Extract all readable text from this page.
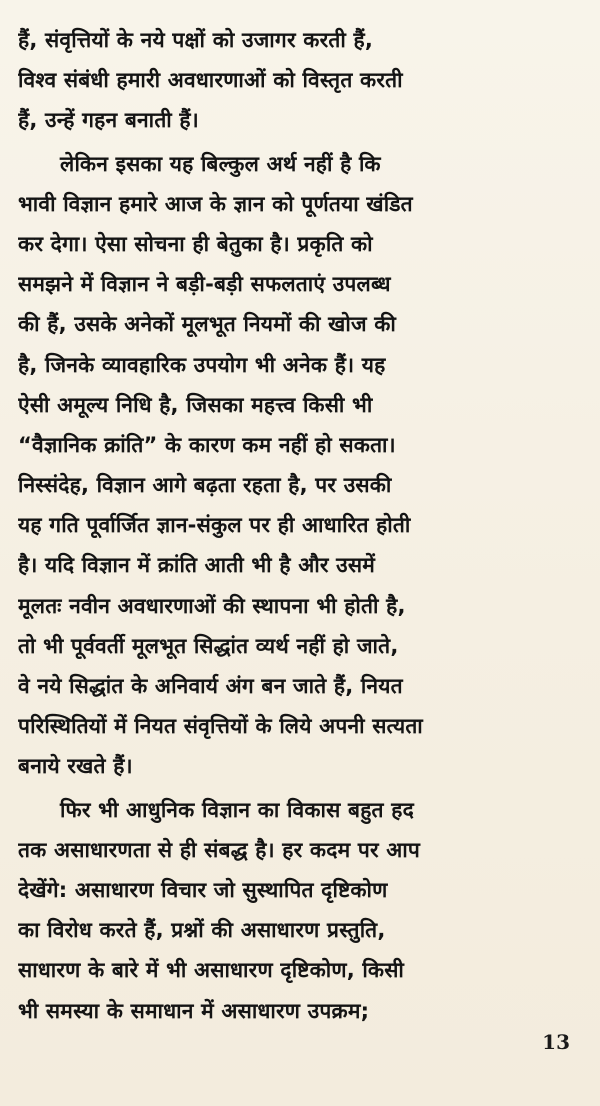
हैं, संवृत्तियों के नये पक्षों को उजागर करती हैं,
विश्व संबंधी हमारी अवधारणाओं को विस्तृत करती
हैं, उन्हें गहन बनाती हैं।
लेकिन इसका यह बिल्कुल अर्थ नहीं है कि
भावी विज्ञान हमारे आज के ज्ञान को पूर्णतया खंडित
कर देगा। ऐसा सोचना ही बेतुका है। प्रकृति को
समझने में विज्ञान ने बड़ी-बड़ी सफलताएं उपलब्ध
की हैं, उसके अनेकों मूलभूत नियमों की खोज की
है, जिनके व्यावहारिक उपयोग भी अनेक हैं। यह
ऐसी अमूल्य निधि है, जिसका महत्त्व किसी भी
“वैज्ञानिक क्रांति” के कारण कम नहीं हो सकता।
निस्संदेह, विज्ञान आगे बढ़ता रहता है, पर उसकी
यह गति पूर्वार्जित ज्ञान-संकुल पर ही आधारित होती
है। यदि विज्ञान में क्रांति आती भी है और उसमें
मूलतः नवीन अवधारणाओं की स्थापना भी होती है,
तो भी पूर्ववर्ती मूलभूत सिद्धांत व्यर्थ नहीं हो जाते,
वे नये सिद्धांत के अनिवार्य अंग बन जाते हैं, नियत
परिस्थितियों में नियत संवृत्तियों के लिये अपनी सत्यता
बनाये रखते हैं।
फिर भी आधुनिक विज्ञान का विकास बहुत हद
तक असाधारणता से ही संबद्ध है। हर कदम पर आप
देखेंगे: असाधारण विचार जो सुस्थापित दृष्टिकोण
का विरोध करते हैं, प्रश्नों की असाधारण प्रस्तुति,
साधारण के बारे में भी असाधारण दृष्टिकोण, किसी
भी समस्या के समाधान में असाधारण उपक्रम;
13
